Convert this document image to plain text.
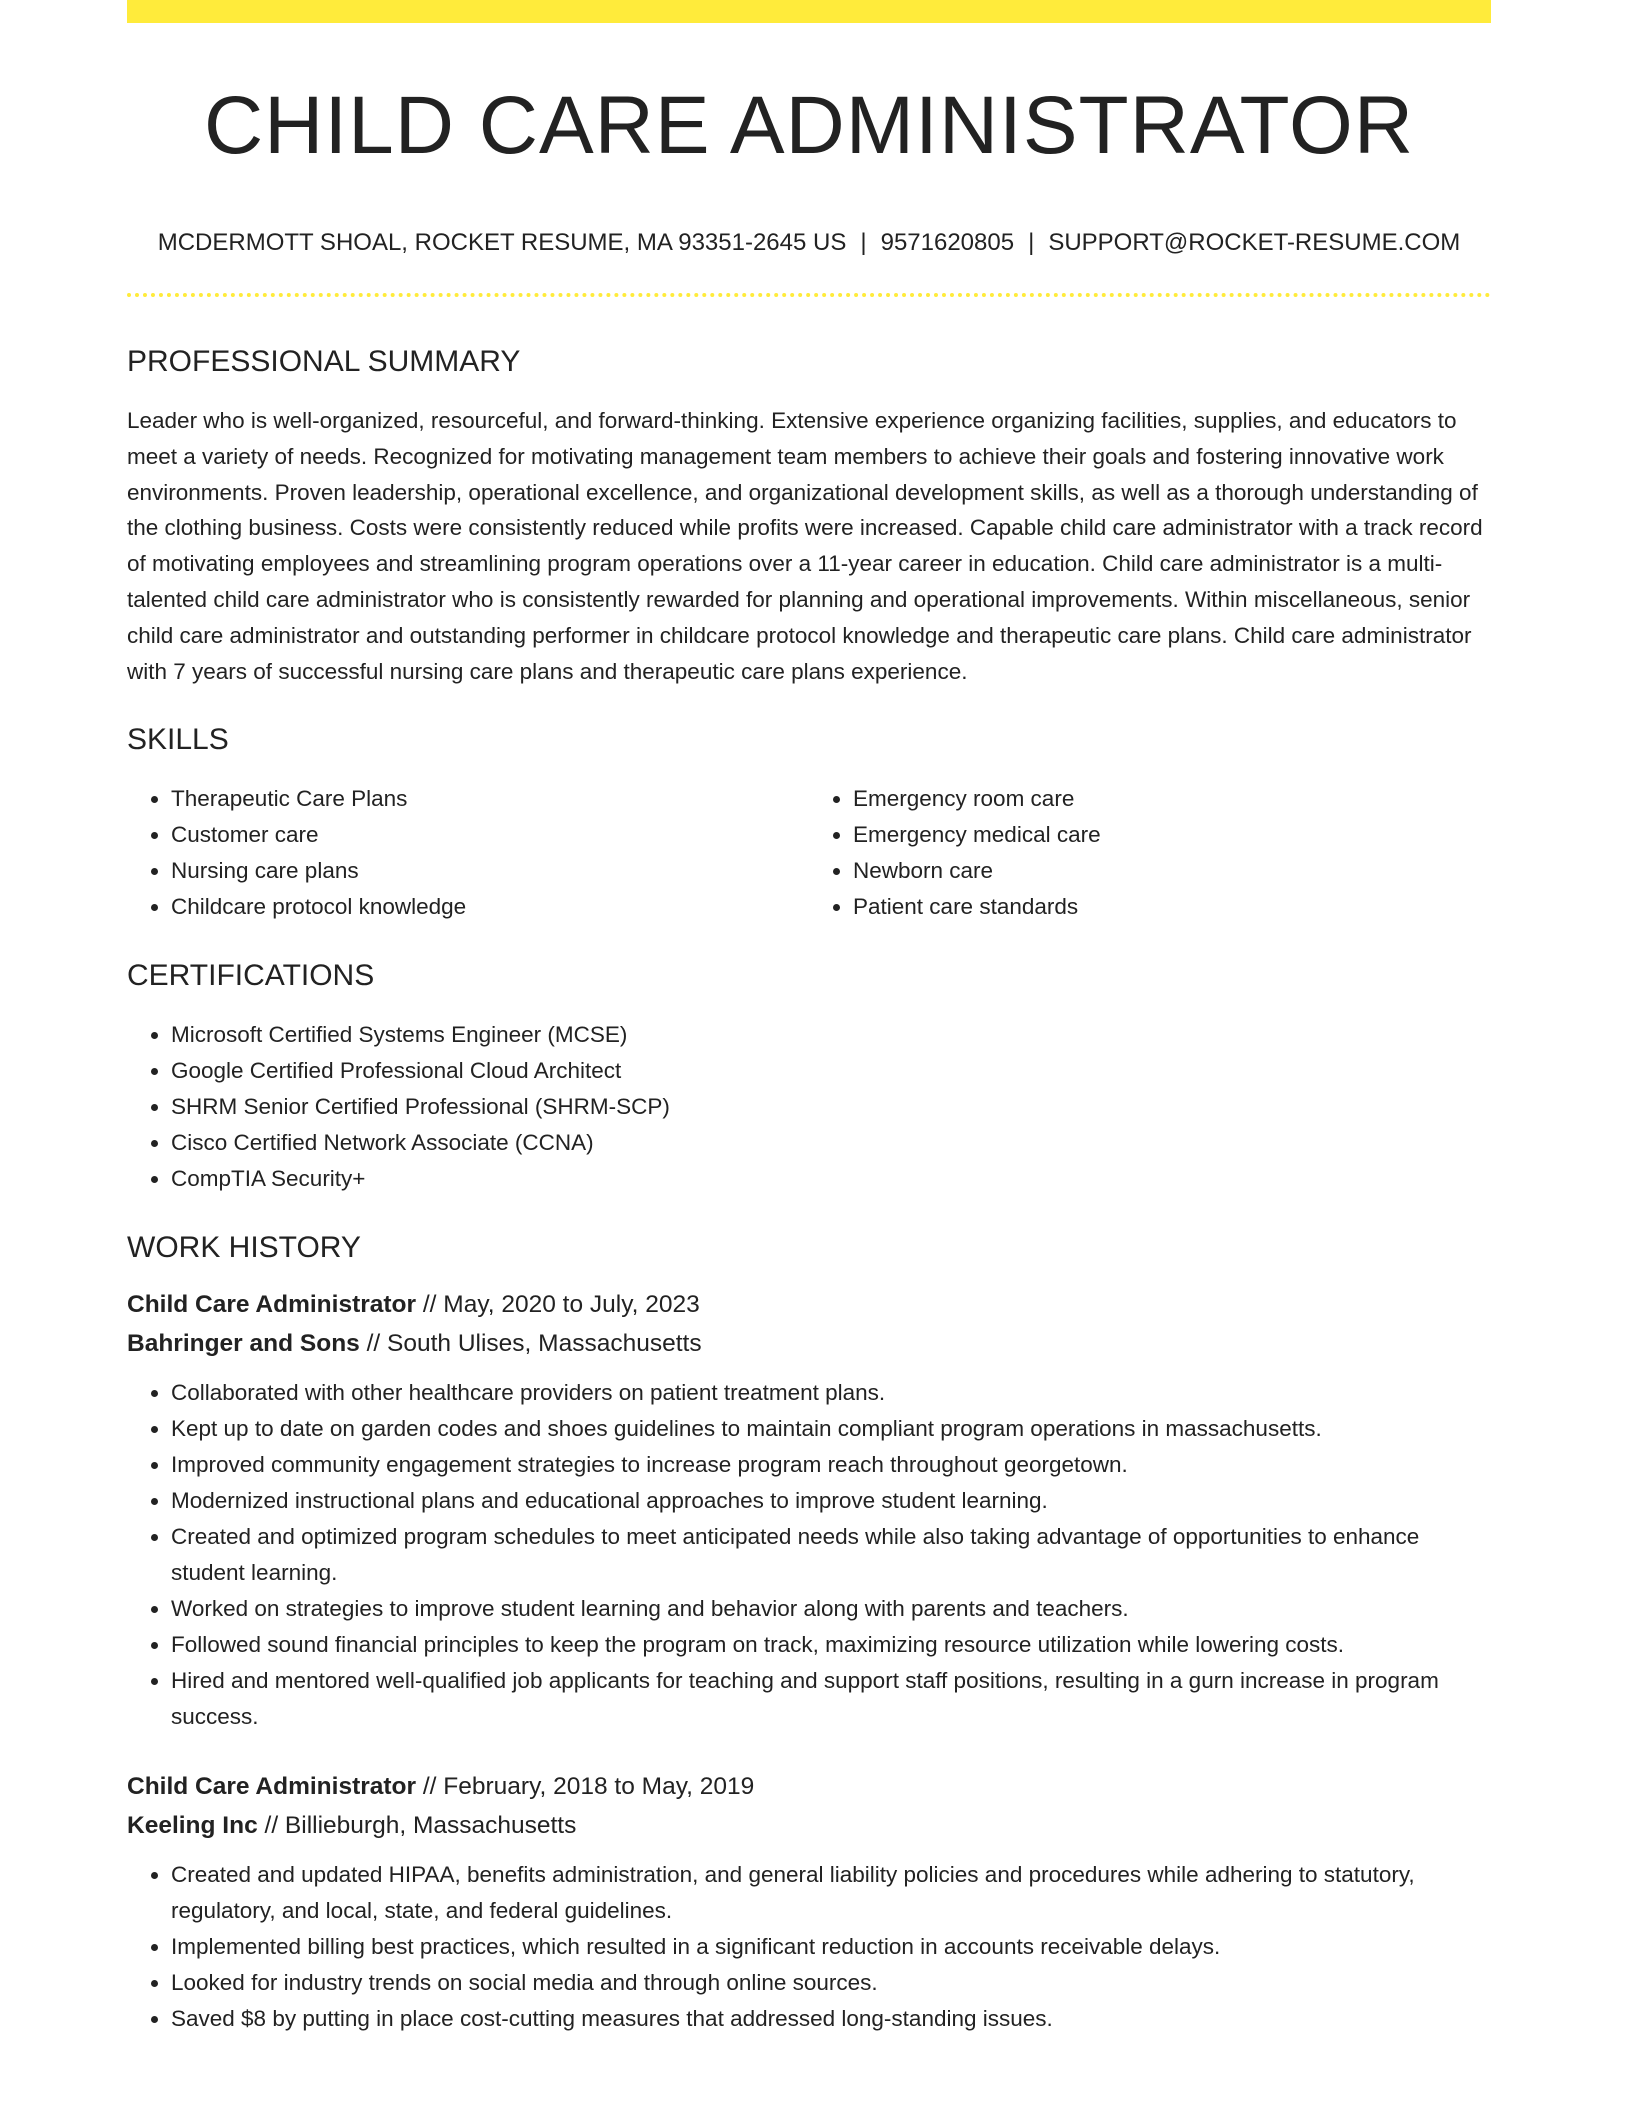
CHILD CARE ADMINISTRATOR
MCDERMOTT SHOAL, ROCKET RESUME, MA 93351-2645 US | 9571620805 | SUPPORT@ROCKET-RESUME.COM
PROFESSIONAL SUMMARY
Leader who is well-organized, resourceful, and forward-thinking. Extensive experience organizing facilities, supplies, and educators to meet a variety of needs. Recognized for motivating management team members to achieve their goals and fostering innovative work environments. Proven leadership, operational excellence, and organizational development skills, as well as a thorough understanding of the clothing business. Costs were consistently reduced while profits were increased. Capable child care administrator with a track record of motivating employees and streamlining program operations over a 11-year career in education. Child care administrator is a multi-talented child care administrator who is consistently rewarded for planning and operational improvements. Within miscellaneous, senior child care administrator and outstanding performer in childcare protocol knowledge and therapeutic care plans. Child care administrator with 7 years of successful nursing care plans and therapeutic care plans experience.
SKILLS
• Therapeutic Care Plans
• Customer care
• Nursing care plans
• Childcare protocol knowledge
• Emergency room care
• Emergency medical care
• Newborn care
• Patient care standards
CERTIFICATIONS
• Microsoft Certified Systems Engineer (MCSE)
• Google Certified Professional Cloud Architect
• SHRM Senior Certified Professional (SHRM-SCP)
• Cisco Certified Network Associate (CCNA)
• CompTIA Security+
WORK HISTORY
Child Care Administrator // May, 2020 to July, 2023
Bahringer and Sons // South Ulises, Massachusetts
• Collaborated with other healthcare providers on patient treatment plans.
• Kept up to date on garden codes and shoes guidelines to maintain compliant program operations in massachusetts.
• Improved community engagement strategies to increase program reach throughout georgetown.
• Modernized instructional plans and educational approaches to improve student learning.
• Created and optimized program schedules to meet anticipated needs while also taking advantage of opportunities to enhance student learning.
• Worked on strategies to improve student learning and behavior along with parents and teachers.
• Followed sound financial principles to keep the program on track, maximizing resource utilization while lowering costs.
• Hired and mentored well-qualified job applicants for teaching and support staff positions, resulting in a gurn increase in program success.
Child Care Administrator // February, 2018 to May, 2019
Keeling Inc // Billieburgh, Massachusetts
• Created and updated HIPAA, benefits administration, and general liability policies and procedures while adhering to statutory, regulatory, and local, state, and federal guidelines.
• Implemented billing best practices, which resulted in a significant reduction in accounts receivable delays.
• Looked for industry trends on social media and through online sources.
• Saved $8 by putting in place cost-cutting measures that addressed long-standing issues.
